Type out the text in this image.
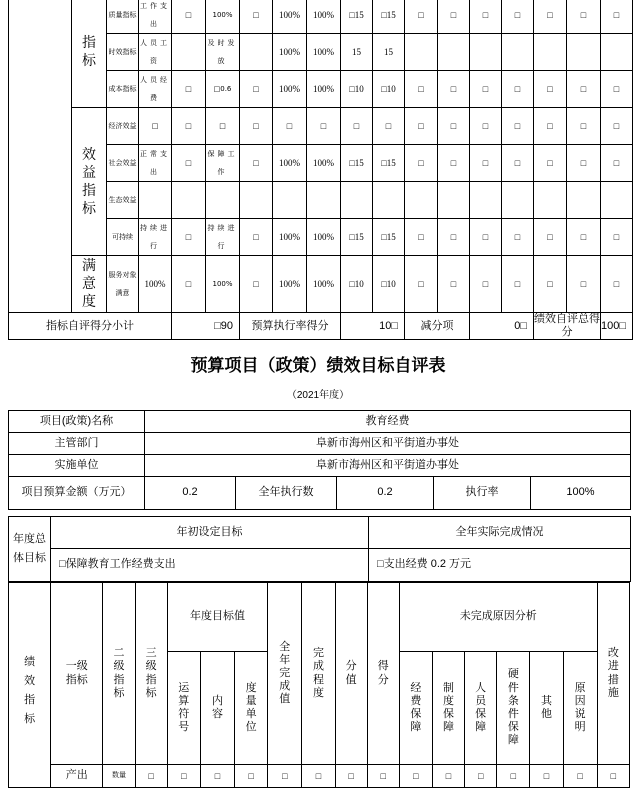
	指标	质量指标	工作支出	□	100%	□	100%	100%	□15	□15	□	□	□	□	□	□	□
		时效指标	人员工资		及时发放		100%	100%	15	15							
		成本指标	人员经费	□	□0.6	□	100%	100%	□10	□10	□	□	□	□	□	□	□
	效益指标	经济效益	□	□	□	□	□	□	□	□	□	□	□	□	□	□	□
		社会效益	正常支出	□	保障工作	□	100%	100%	□15	□15	□	□	□	□	□	□	□
		生态效益															
		可持续	持续进行	□	持续进行	□	100%	100%	□15	□15	□	□	□	□	□	□	□
	满意度	服务对象满意	100%	□	100%	□	100%	100%	□10	□10	□	□	□	□	□	□	□
指标自评得分小计				□90		预算执行率得分			10□		减分项		0□		绩效自评总得分		100□
预算项目（政策）绩效目标自评表
（2021年度）
项目(政策)名称	教育经费				
主管部门	阜新市海州区和平街道办事处				
实施单位	阜新市海州区和平街道办事处				
项目预算金额（万元）	0.2	全年执行数	0.2	执行率	100%
年度总体目标	年初设定目标	全年实际完成情况
	□保障教育工作经费支出	□支出经费 0.2 万元
绩效指标	一级指标	二级指标	三级指标	年度目标值			全年完成值	完成程度	分值	得分	未完成原因分析						改进措施
				运算符号	内容	度量单位					经费保障	制度保障	人员保障	硬件条件保障	其他	原因说明	
	产出	数量	□	□	□	□	□	□	□	□	□	□	□	□	□	□	□
